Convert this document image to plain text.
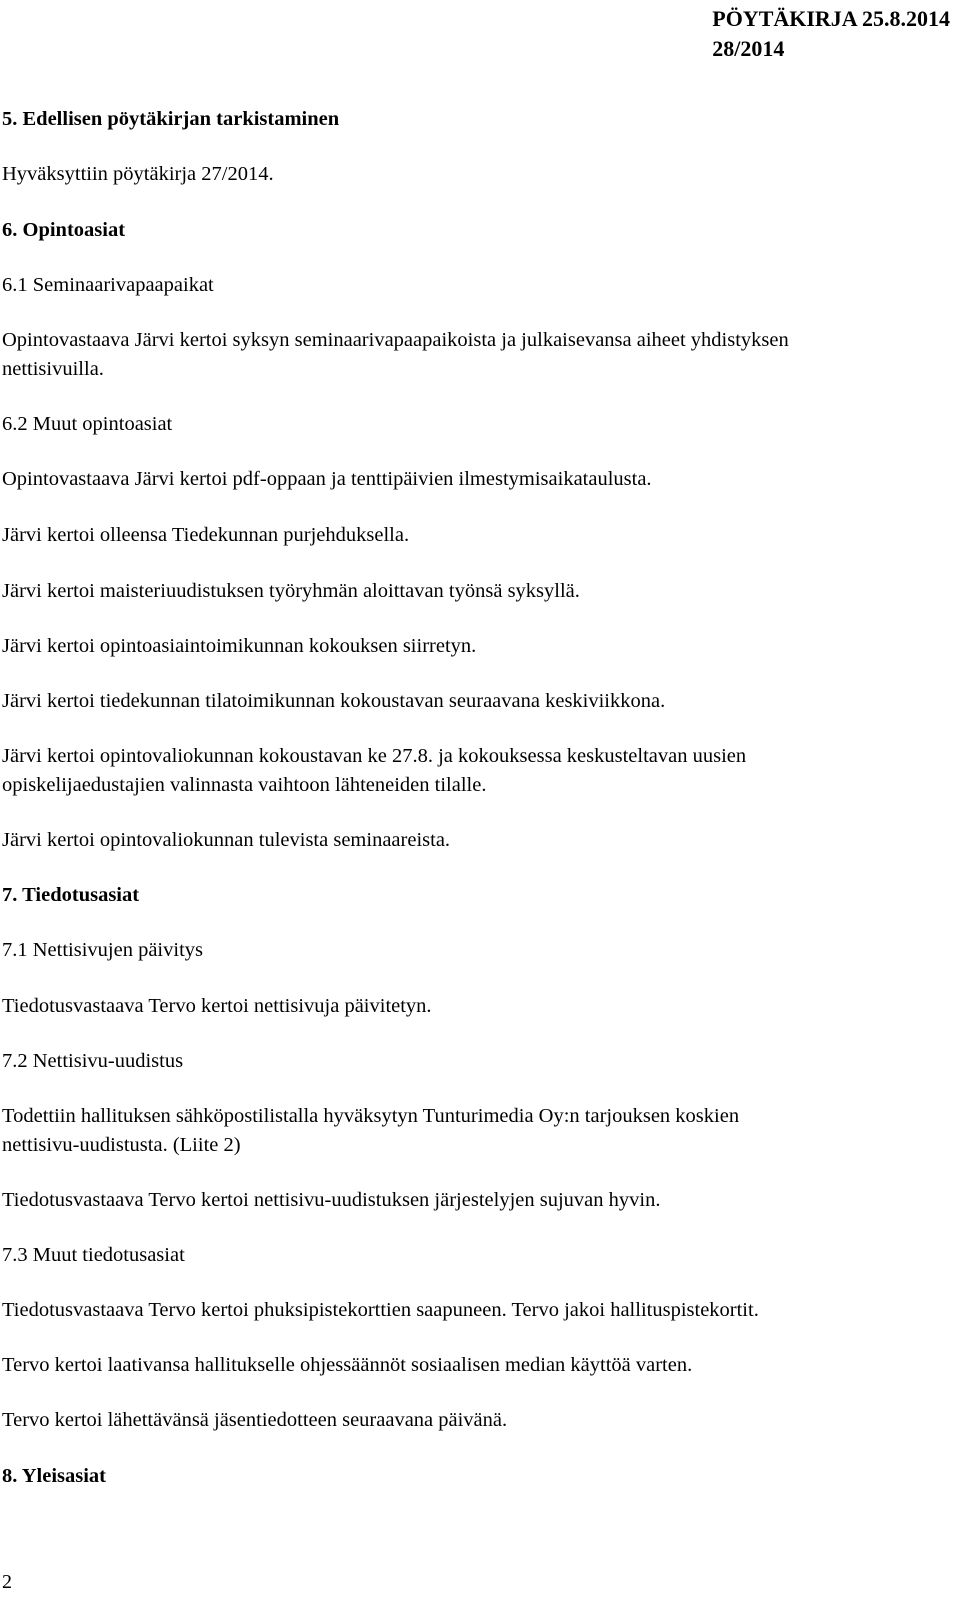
PÖYTÄKIRJA 25.8.2014
28/2014

5. Edellisen pöytäkirjan tarkistaminen

Hyväksyttiin pöytäkirja 27/2014.

6. Opintoasiat

6.1 Seminaarivapaapaikat

Opintovastaava Järvi kertoi syksyn seminaarivapaapaikoista ja julkaisevansa aiheet yhdistyksen

nettisivuilla.

6.2 Muut opintoasiat

Opintovastaava Järvi kertoi pdf-oppaan ja tenttipäivien ilmestymisaikataulusta.

Järvi kertoi olleensa Tiedekunnan purjehduksella.

Järvi kertoi maisteriuudistuksen työryhmän aloittavan työnsä syksyllä.

Järvi kertoi opintoasiaintoimikunnan kokouksen siirretyn.

Järvi kertoi tiedekunnan tilatoimikunnan kokoustavan seuraavana keskiviikkona.

Järvi kertoi opintovaliokunnan kokoustavan ke 27.8. ja kokouksessa keskusteltavan uusien

opiskelijaedustajien valinnasta vaihtoon lähteneiden tilalle.

Järvi kertoi opintovaliokunnan tulevista seminaareista.

7. Tiedotusasiat

7.1 Nettisivujen päivitys

Tiedotusvastaava Tervo kertoi nettisivuja päivitetyn.

7.2 Nettisivu-uudistus

Todettiin hallituksen sähköpostilistalla hyväksytyn Tunturimedia Oy:n tarjouksen koskien

nettisivu-uudistusta. (Liite 2)

Tiedotusvastaava Tervo kertoi nettisivu-uudistuksen järjestelyjen sujuvan hyvin.

7.3 Muut tiedotusasiat

Tiedotusvastaava Tervo kertoi phuksipistekorttien saapuneen. Tervo jakoi hallituspistekortit.

Tervo kertoi laativansa hallitukselle ohjessäännöt sosiaalisen median käyttöä varten.

Tervo kertoi lähettävänsä jäsentiedotteen seuraavana päivänä.

8. Yleisasiat

2
